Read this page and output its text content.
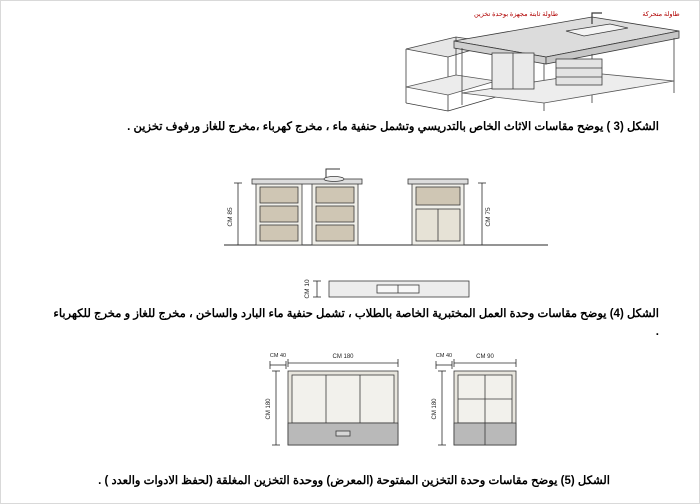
طاولة ثابتة مجهزة بوحدة تخزين	طاولة متحركة
الشكل (3 ) يوضح مقاسات الاثاث الخاص بالتدريسي وتشمل حنفية ماء ، مخرج كهرباء ،مخرج للغاز ورفوف تخزين .
85 CM
75 CM
10 CM
الشكل (4) يوضح مقاسات وحدة العمل المختبرية الخاصة بالطلاب ، تشمل حنفية ماء البارد والساخن ، مخرج للغاز و مخرج للكهرباء .
180 CM
40 CM
180 CM
90 CM
40 CM
180 CM
الشكل (5) يوضح مقاسات وحدة التخزين المفتوحة (المعرض) ووحدة التخزين المغلقة (لحفظ الادوات والعدد ) .
